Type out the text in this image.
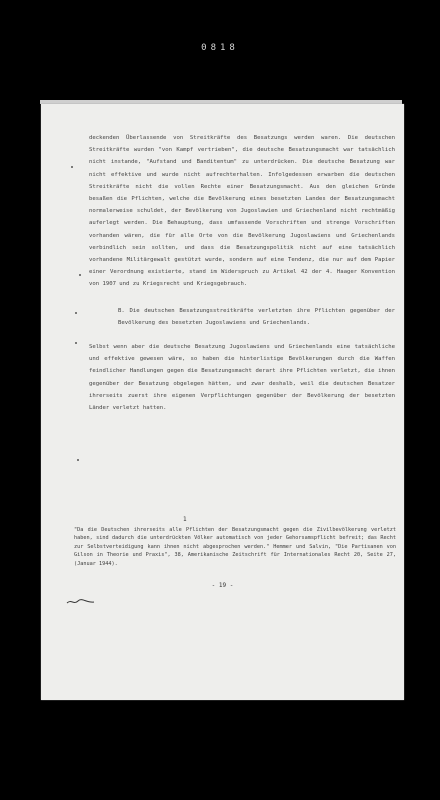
0818

deckenden Überlassende von Streitkräfte des Besatzungs werden waren. Die deutschen Streitkräfte wurden "von Kampf vertrieben", die deutsche Besatzungsmacht war tatsächlich nicht instande, "Aufstand und Banditentum" zu unterdrücken. Die deutsche Besatzung war nicht effektive und wurde nicht aufrechterhalten. Infolgedessen erwarben die deutschen Streitkräfte nicht die vollen Rechte einer Besatzungsmacht. Aus den gleichen Gründe besaßen die Pflichten, welche die Bevölkerung eines besetzten Landes der Besatzungsmacht normalerweise schuldet, der Bevölkerung von Jugoslawien und Griechenland nicht rechtmäßig auferlegt werden. Die Behauptung, dass umfassende Vorschriften und strenge Vorschriften vorhanden wären, die für alle Orte von die Bevölkerung Jugoslawiens und Griechenlands verbindlich sein sollten, und dass die Besatzungspolitik nicht auf eine tatsächlich vorhandene Militärgewalt gestützt wurde, sondern auf eine Tendenz, die nur auf dem Papier einer Verordnung existierte, stand im Widerspruch zu Artikel 42 der 4. Haager Konvention von 1907 und zu Kriegsrecht und Kriegsgebrauch.

B. Die deutschen Besatzungsstreitkräfte verletzten ihre Pflichten gegenüber der Bevölkerung des besetzten Jugoslawiens und Griechenlands.

Selbst wenn aber die deutsche Besatzung Jugoslawiens und Griechenlands eine tatsächliche und effektive gewesen wäre, so haben die hinterlistige Bevölkerungen durch die Waffen feindlicher Handlungen gegen die Besatzungsmacht derart ihre Pflichten verletzt, die ihnen gegenüber der Besatzung obgelegen hätten, und zwar deshalb, weil die deutschen Besatzer ihrerseits zuerst ihre eigenen Verpflichtungen gegenüber der Bevölkerung der besetzten Länder verletzt hatten.

1
"Da die Deutschen ihrerseits alle Pflichten der Besatzungsmacht gegen die Zivilbevölkerung verletzt haben, sind dadurch die unterdrückten Völker automatisch von jeder Gehorsamspflicht befreit; das Recht zur Selbstverteidigung kann ihnen nicht abgesprochen werden." Hemmer und Salvin, "Die Partisanen von Gilson in Theorie und Praxis", 38, Amerikanische Zeitschrift für Internationales Recht 20, Seite 27, (Januar 1944).
- 19 -
